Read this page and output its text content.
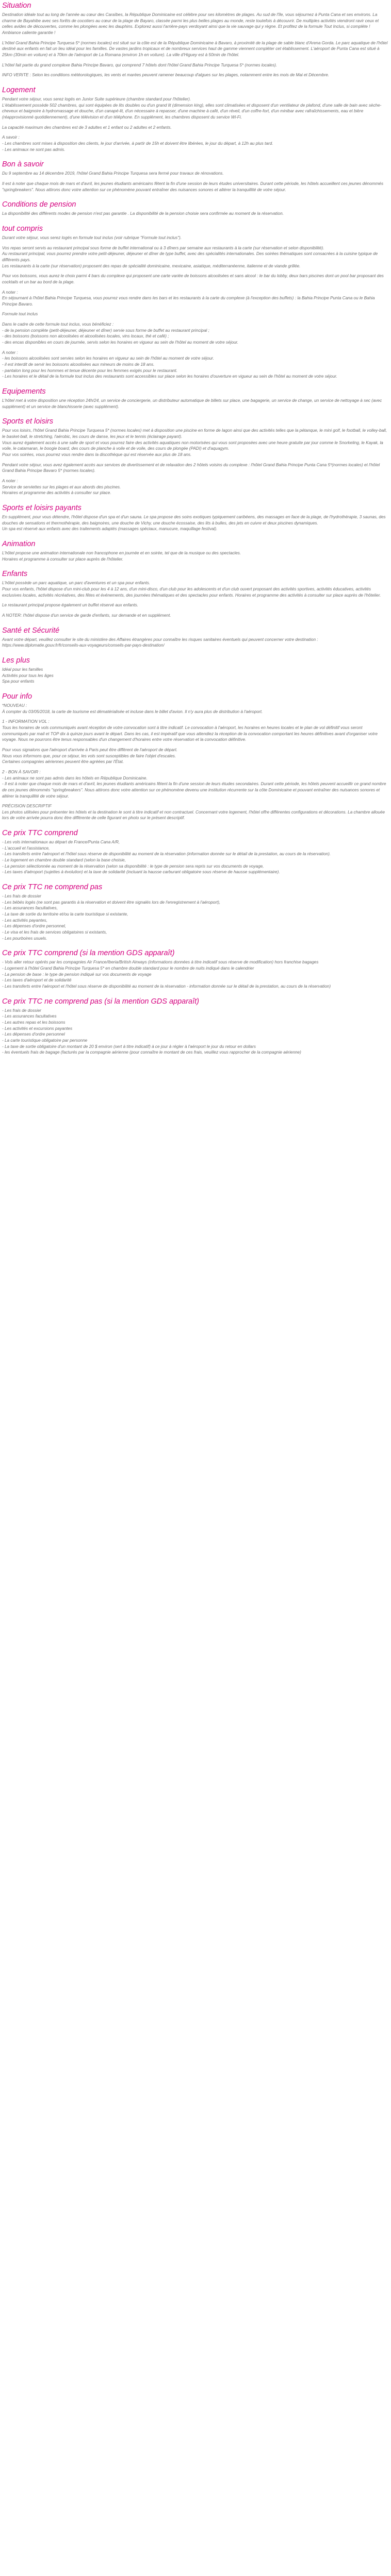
Situation

Destination idéale tout au long de l'année au cœur des Caraïbes, la République Dominicaine est célèbre pour ses kilomètres de plages. Au sud de l'île, vous séjournez à Punta Cana et ses environs. La charme de Bayahibe avec ses forêts de cocotiers au cœur de la plage de Bayaro, classée parmi les plus belles plages au monde, reste toutefois à découvrir. De multiples activités viendront ravir ceux et celles avides de découvertes, comme les plongées avec les dauphins. Explorez aussi l'arrière-pays verdoyant ainsi que la vie sauvage qui y règne. Et profitez de la formule Tout Inclus, si complète ! Ambiance caliente garantie !

L'hôtel Grand Bahia Principe Turquesa 5* (normes locales) est situé sur la côte est de la République Dominicaine à Bavaro, à proximité de la plage de sable blanc d'Arena Gorda. Le parc aquatique de l'hôtel destiné aux enfants en fait un lieu idéal pour les familles. De vastes jardins tropicaux et de nombreux services haut de gamme viennent compléter cet établissement. L'aéroport de Punta Cana est situé à 25km (30min en voiture) et à 70km de l'aéroport de La Romana (environ 1h en voiture). La ville d'Higuey est à 50min de l'hôtel.

L'hôtel fait partie du grand complexe Bahia Principe Bavaro, qui comprend 7 hôtels dont l'hôtel Grand Bahia Principe Turquesa 5* (normes locales).

INFO VERITE : Selon les conditions météorologiques, les vents et marées peuvent ramener beaucoup d'algues sur les plages, notamment entre les mois de Mai et Décembre.

Logement

Pendant votre séjour, vous serez logés en Junior Suite supérieure (chambre standard pour l'hôtelier).
L'établissement possède 502 chambres, qui sont équipées de lits doubles ou d'un grand lit (dimension king), elles sont climatisées et disposent d'un ventilateur de plafond, d'une salle de bain avec sèche-cheveux et baignoire à hydromassage et douche, d'un canapé-lit, d'un nécessaire à repasser, d'une machine à café, d'un réveil, d'un coffre-fort, d'un minibar avec rafraîchissements, eau et bière (réapprovisionné quotidiennement), d'une télévision et d'un téléphone. En supplément, les chambres disposent du service Wi-Fi.

La capacité maximum des chambres est de 3 adultes et 1 enfant ou 2 adultes et 2 enfants.

A savoir :
- Les chambres sont mises à disposition des clients, le jour d'arrivée, à partir de 15h et doivent être libérées, le jour du départ, à 12h au plus tard.
- Les animaux ne sont pas admis.

Bon à savoir

Du 9 septembre au 14 décembre 2019, l'hôtel Grand Bahia Principe Turquesa sera fermé pour travaux de rénovations.

Il est à noter que chaque mois de mars et d'avril, les jeunes étudiants américains fêtent la fin d'une session de leurs études universitaires. Durant cette période, les hôtels accueillent ces jeunes dénommés "springbreakers". Nous attirons donc votre attention sur ce phénomène pouvant entraîner des nuisances sonores et altérer la tranquillité de votre séjour.

Conditions de pension

La disponibilité des différents modes de pension n'est pas garantie . La disponibilité de la pension choisie sera confirmée au moment de la réservation.

tout compris

Durant votre séjour, vous serez logés en formule tout inclus (voir rubrique "Formule tout inclus").

Vos repas seront servis au restaurant principal sous forme de buffet international ou à 3 dîners par semaine aux restaurants à la carte (sur réservation et selon disponibilité).
Au restaurant principal, vous pourrez prendre votre petit-déjeuner, déjeuner et dîner de type buffet, avec des spécialités internationales. Des soirées thématiques sont consacrées à la cuisine typique de différents pays.
Les restaurants à la carte (sur réservation) proposent des repas de spécialité dominicaine, mexicaine, asiatique, méditerranéenne, italienne et de viande grillée.

Pour vos boissons, vous aurez le choix parmi 4 bars du complexe qui proposent une carte variée de boissons alcoolisées et sans alcool : le bar du lobby, deux bars piscines dont un pool bar proposant des cocktails et un bar au bord de la plage.

A noter :
En séjournant à l'hôtel Bahia Principe Turquesa, vous pourrez vous rendre dans les bars et les restaurants à la carte du complexe (à l'exception des buffets) : la Bahia Principe Punta Cana ou le Bahia Principe Bavaro.

Formule tout inclus

Dans le cadre de cette formule tout inclus, vous bénéficiez :
- de la pension complète (petit-déjeuner, déjeuner et dîner) servie sous forme de buffet au restaurant principal ;
- des boissons (boissons non alcoolisées et alcoolisées locales, vins locaux, thé et café) ;
- des encas disponibles en cours de journée, servis selon les horaires en vigueur au sein de l'hôtel au moment de votre séjour.

A noter :
- les boissons alcoolisées sont servies selon les horaires en vigueur au sein de l'hôtel au moment de votre séjour.
- il est interdit de servir les boissons alcoolisées aux mineurs de moins de 18 ans.
- pantalon long pour les hommes et tenue décente pour les femmes exigés pour le restaurant.
- Les horaires et le détail de la formule tout inclus des restaurants sont accessibles sur place selon les horaires d'ouverture en vigueur au sein de l'hôtel au moment de votre séjour.

Equipements

L'hôtel met à votre disposition une réception 24h/24, un service de conciergerie, un distributeur automatique de billets sur place, une bagagerie, un service de change, un service de nettoyage à sec (avec supplément) et un service de blanchisserie (avec supplément).

Sports et loisirs

Pour vos loisirs, l'hôtel Grand Bahia Principe Turquesa 5* (normes locales) met à disposition une piscine en forme de lagon ainsi que des activités telles que la pétanque, le mini golf, le football, le volley-ball, le basket-ball, le stretching, l'aérobic, les cours de danse, les jeux et le tennis (éclairage payant).
Vous aurez également accès à une salle de sport et vous pourrez faire des activités aquatiques non motorisées qui vous sont proposées avec une heure gratuite par jour comme le Snorkeling, le Kayak, la voile, le catamaran, le boogie board, des cours de planche à voile et de voile, des cours de plongée (PADI) et d'aquagym.
Pour vos soirées, vous pourrez vous rendre dans la discothèque qui est réservée aux plus de 18 ans.

Pendant votre séjour, vous avez également accès aux services de divertissement et de relaxation des 2 hôtels voisins du complexe : l'hôtel Grand Bahia Principe Punta Cana 5*(normes locales) et l'hôtel Grand Bahia Principe Bavaro 5* (normes locales).

A noter :
Service de serviettes sur les plages et aux abords des piscines.
Horaires et programme des activités à consulter sur place.

Sports et loisirs payants

En supplément, pour vous détendre, l'hôtel dispose d'un spa et d'un sauna. Le spa propose des soins exotiques typiquement caribéens, des massages en face de la plage, de l'hydrothérapie, 3 saunas, des douches de sensations et thermothérapie, des baignoires, une douche de Vichy, une douche écossaise, des lits à bulles, des jets en cuivre et deux piscines dynamiques.
Un spa est réservé aux enfants avec des traitements adaptés (massages spéciaux, manucure, maquillage festival).

Animation

L'hôtel propose une animation internationale non francophone en journée et en soirée, tel que de la musique ou des spectacles.
Horaires et programme à consulter sur place auprès de l'hôtelier.

Enfants

L'hôtel possède un parc aquatique, un parc d'aventures et un spa pour enfants.
Pour vos enfants, l'hôtel dispose d'un mini-club pour les 4 à 12 ans, d'un mini-disco, d'un club pour les adolescents et d'un club ouvert proposant des activités sportives, activités éducatives, activités exclusives locales, activités récréatives, des fêtes et événements, des journées thématiques et des spectacles pour enfants. Horaires et programme des activités à consulter sur place auprès de l'hôtelier.

Le restaurant principal propose également un buffet réservé aux enfants.

A NOTER: l'hôtel dispose d'un service de garde d'enfants, sur demande et en supplément.

Santé et Sécurité

Avant votre départ, veuillez consulter le site du ministère des Affaires étrangères pour connaître les risques sanitaires éventuels qui peuvent concerner votre destination : https://www.diplomatie.gouv.fr/fr/conseils-aux-voyageurs/conseils-par-pays-destination/

Les plus

Idéal pour les familles
Activités pour tous les âges
Spa pour enfants

Pour info

*NOUVEAU :
À compter du 03/05/2018, la carte de tourisme est dématérialisée et incluse dans le billet d'avion. Il n'y aura plus de distribution à l'aéroport.

1 - INFORMATION VOL :
Tous les horaires de vols communiqués avant réception de votre convocation sont à titre indicatif. Le convocation à l'aéroport, les horaires en heures locales et le plan de vol définitif vous seront communiqués par mail et TOP dix à quinze jours avant le départ. Dans les cas, il est impératif que vous attendiez la réception de la convocation comportant les heures définitives avant d'organiser votre voyage. Nous ne pourrons être tenus responsables d'un changement d'horaires entre votre réservation et la convocation définitive.

Pour vous signalons que l'aéroport d'arrivée à Paris peut être différent de l'aéroport de départ.
Nous vous informons que, pour ce séjour, les vols sont susceptibles de faire l'objet d'escales.
Certaines compagnies aériennes peuvent être agréées par l'État.

2 - BON À SAVOIR :
- Les animaux ne sont pas admis dans les hôtels en République Dominicaine.
- Il est à noter que chaque mois de mars et d'avril, les jeunes étudiants américains fêtent la fin d'une session de leurs études secondaires. Durant cette période, les hôtels peuvent accueillir ce grand nombre de ces jeunes dénommés "springbreakers". Nous attirons donc votre attention sur ce phénomène devenu une institution récurrente sur la côte Dominicaine et pouvant entraîner des nuisances sonores et altérer la tranquillité de votre séjour.

PRÉCISION DESCRIPTIF
Les photos utilisées pour présenter les hôtels et la destination le sont à titre indicatif et non contractuel. Concernant votre logement, l'hôtel offre différentes configurations et décorations. La chambre allouée lors de votre arrivée pourra donc être différente de celle figurant en photo sur le présent descriptif.

Ce prix TTC comprend

- Les vols internationaux au départ de France/Punta Cana A/R,
- L'accueil et l'assistance,
- Les transferts entre l'aéroport et l'hôtel sous réserve de disponibilité au moment de la réservation (information donnée sur le détail de la prestation, au cours de la réservation).
- Le logement en chambre double standard (selon la base choisie,
- La pension sélectionnée au moment de la réservation (selon sa disponibilité : le type de pension sera repris sur vos documents de voyage,
- Les taxes d'aéroport (sujettes à évolution) et la taxe de solidarité (incluant la hausse carburant obligatoire sous réserve de hausse supplémentaire).

Ce prix TTC ne comprend pas

- Les frais de dossier
- Les bébés logés (ne sont pas garantis à la réservation et doivent être signalés lors de l'enregistrement à l'aéroport),
- Les assurances facultatives,
- La taxe de sortie du territoire et/ou la carte touristique si existante,
- Les activités payantes,
- Les dépenses d'ordre personnel,
- Le visa et les frais de services obligatoires si existants,
- Les pourboires usuels.

Ce prix TTC comprend (si la mention GDS apparaît)

- Vols aller retour opérés par les compagnies Air France/Iberia/British Airways (informations données à titre indicatif sous réserve de modification) hors franchise bagages
- Logement à l'hôtel Grand Bahia Principe Turquesa 5* en chambre double standard pour le nombre de nuits indiqué dans le calendrier
- La pension de base : le type de pension indiqué sur vos documents de voyage
- Les taxes d'aéroport et de solidarité
- Les transferts entre l'aéroport et l'hôtel sous réserve de disponibilité au moment de la réservation - information donnée sur le détail de la prestation, au cours de la réservation)

Ce prix TTC ne comprend pas (si la mention GDS apparaît)

- Les frais de dossier
- Les assurances facultatives
- Les autres repas et les boissons
- Les activités et excursions payantes
- Les dépenses d'ordre personnel
- La carte touristique obligatoire par personne
- La taxe de sortie obligatoire d'un montant de 20 $ environ (sert à titre indicatif) à ce jour à régler à l'aéroport le jour du retour en dollars
- les éventuels frais de bagage (facturés par la compagnie aérienne (pour connaître le montant de ces frais, veuillez vous rapprocher de la compagnie aérienne)
